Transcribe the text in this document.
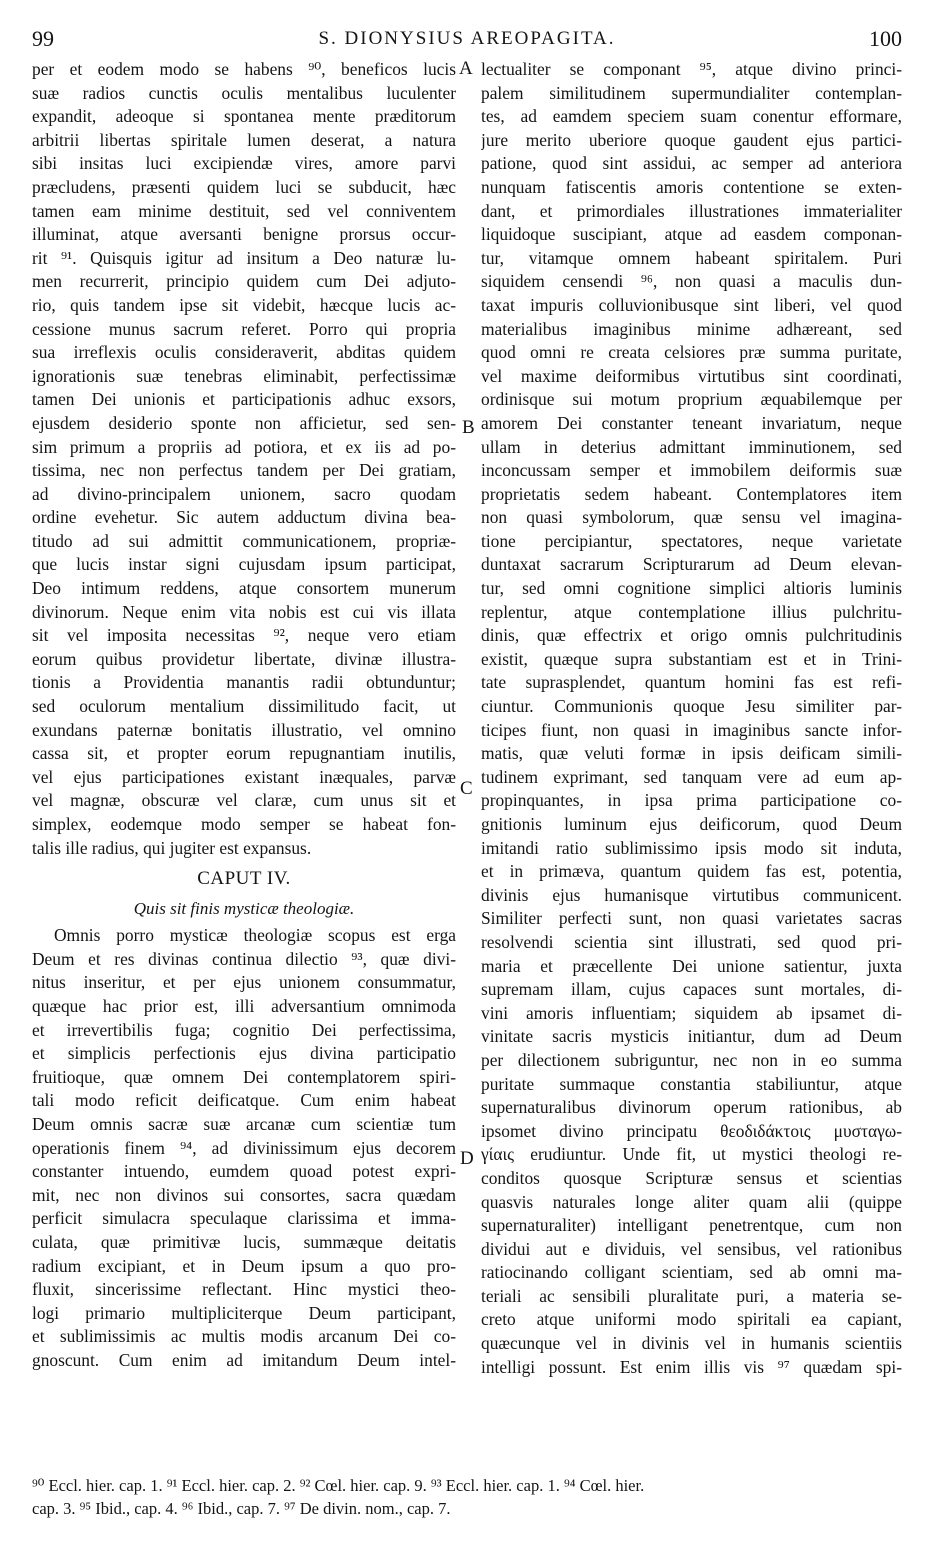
99	S. DIONYSIUS AREOPAGITA.	100
per et eodem modo se habens ⁹⁰, beneficos lucis
suæ radios cunctis oculis mentalibus luculenter
expandit, adeoque si spontanea mente præditorum
arbitrii libertas spiritale lumen deserat, a natura
sibi insitas luci excipiendæ vires, amore parvi
præcludens, præsenti quidem luci se subducit, hæc
tamen eam minime destituit, sed vel conniventem
illuminat, atque aversanti benigne prorsus occur-
rit ⁹¹. Quisquis igitur ad insitum a Deo naturæ lu-
men recurrerit, principio quidem cum Dei adjuto-
rio, quis tandem ipse sit videbit, hæcque lucis ac-
cessione munus sacrum referet. Porro qui propria
sua irreflexis oculis consideraverit, abditas quidem
ignorationis suæ tenebras eliminabit, perfectissimæ
tamen Dei unionis et participationis adhuc exsors,
ejusdem desiderio sponte non afficietur, sed sen-
sim primum a propriis ad potiora, et ex iis ad po-
tissima, nec non perfectus tandem per Dei gratiam,
ad divino-principalem unionem, sacro quodam
ordine evehetur. Sic autem adductum divina bea-
titudo ad sui admittit communicationem, propriæ-
que lucis instar signi cujusdam ipsum participat,
Deo intimum reddens, atque consortem munerum
divinorum. Neque enim vita nobis est cui vis illata
sit vel imposita necessitas ⁹², neque vero etiam
eorum quibus providetur libertate, divinæ illustra-
tionis a Providentia manantis radii obtunduntur;
sed oculorum mentalium dissimilitudo facit, ut
exundans paternæ bonitatis illustratio, vel omnino
cassa sit, et propter eorum repugnantiam inutilis,
vel ejus participationes existant inæquales, parvæ
vel magnæ, obscuræ vel claræ, cum unus sit et
simplex, eodemque modo semper se habeat fon-
talis ille radius, qui jugiter est expansus.
CAPUT IV.
Quis sit finis mysticæ theologiæ.
Omnis porro mysticæ theologiæ scopus est erga
Deum et res divinas continua dilectio ⁹³, quæ divi-
nitus inseritur, et per ejus unionem consummatur,
quæque hac prior est, illi adversantium omnimoda
et irrevertibilis fuga; cognitio Dei perfectissima,
et simplicis perfectionis ejus divina participatio
fruitioque, quæ omnem Dei contemplatorem spiri-
tali modo reficit deificatque. Cum enim habeat
Deum omnis sacræ suæ arcanæ cum scientiæ tum
operationis finem ⁹⁴, ad divinissimum ejus decorem
constanter intuendo, eumdem quoad potest expri-
mit, nec non divinos sui consortes, sacra quædam
perficit simulacra speculaque clarissima et imma-
culata, quæ primitivæ lucis, summæque deitatis
radium excipiant, et in Deum ipsum a quo pro-
fluxit, sincerissime reflectant. Hinc mystici theo-
logi primario multipliciterque Deum participant,
et sublimissimis ac multis modis arcanum Dei co-
gnoscunt. Cum enim ad imitandum Deum intel-
lectualiter se componant ⁹⁵, atque divino princi-
palem similitudinem supermundialiter contemplan-
tes, ad eamdem speciem suam conentur efformare,
jure merito uberiore quoque gaudent ejus partici-
patione, quod sint assidui, ac semper ad anteriora
nunquam fatiscentis amoris contentione se exten-
dant, et primordiales illustrationes immaterialiter
liquidoque suscipiant, atque ad easdem componan-
tur, vitamque omnem habeant spiritalem. Puri
siquidem censendi ⁹⁶, non quasi a maculis dun-
taxat impuris colluvionibusque sint liberi, vel quod
materialibus imaginibus minime adhæreant, sed
quod omni re creata celsiores præ summa puritate,
vel maxime deiformibus virtutibus sint coordinati,
ordinisque sui motum proprium æquabilemque per
amorem Dei constanter teneant invariatum, neque
ullam in deterius admittant imminutionem, sed
inconcussam semper et immobilem deiformis suæ
proprietatis sedem habeant. Contemplatores item
non quasi symbolorum, quæ sensu vel imagina-
tione percipiantur, spectatores, neque varietate
duntaxat sacrarum Scripturarum ad Deum elevan-
tur, sed omni cognitione simplici altioris luminis
replentur, atque contemplatione illius pulchritu-
dinis, quæ effectrix et origo omnis pulchritudinis
existit, quæque supra substantiam est et in Trini-
tate suprasplendet, quantum homini fas est refi-
ciuntur. Communionis quoque Jesu similiter par-
ticipes fiunt, non quasi in imaginibus sancte infor-
matis, quæ veluti formæ in ipsis deificam simili-
tudinem exprimant, sed tanquam vere ad eum ap-
propinquantes, in ipsa prima participatione co-
gnitionis luminum ejus deificorum, quod Deum
imitandi ratio sublimissimo ipsis modo sit induta,
et in primæva, quantum quidem fas est, potentia,
divinis ejus humanisque virtutibus communicent.
Similiter perfecti sunt, non quasi varietates sacras
resolvendi scientia sint illustrati, sed quod pri-
maria et præcellente Dei unione satientur, juxta
supremam illam, cujus capaces sunt mortales, di-
vini amoris influentiam; siquidem ab ipsamet di-
vinitate sacris mysticis initiantur, dum ad Deum
per dilectionem subriguntur, nec non in eo summa
puritate summaque constantia stabiliuntur, atque
supernaturalibus divinorum operum rationibus, ab
ipsomet divino principatu θεοδιδάκτοις μυσταγω-
γίαις erudiuntur. Unde fit, ut mystici theologi re-
conditos quosque Scripturæ sensus et scientias
quasvis naturales longe aliter quam alii (quippe
supernaturaliter) intelligant penetrentque, cum non
dividui aut e dividuis, vel sensibus, vel rationibus
ratiocinando colligant scientiam, sed ab omni ma-
teriali ac sensibili pluralitate puri, a materia se-
creto atque uniformi modo spiritali ea capiant,
quæcunque vel in divinis vel in humanis scientiis
intelligi possunt. Est enim illis vis ⁹⁷ quædam spi-
A
B
C
D
⁹⁰ Eccl. hier. cap. 1. ⁹¹ Eccl. hier. cap. 2. ⁹² Cœl. hier. cap. 9. ⁹³ Eccl. hier. cap. 1. ⁹⁴ Cœl. hier.
cap. 3. ⁹⁵ Ibid., cap. 4. ⁹⁶ Ibid., cap. 7. ⁹⁷ De divin. nom., cap. 7.
